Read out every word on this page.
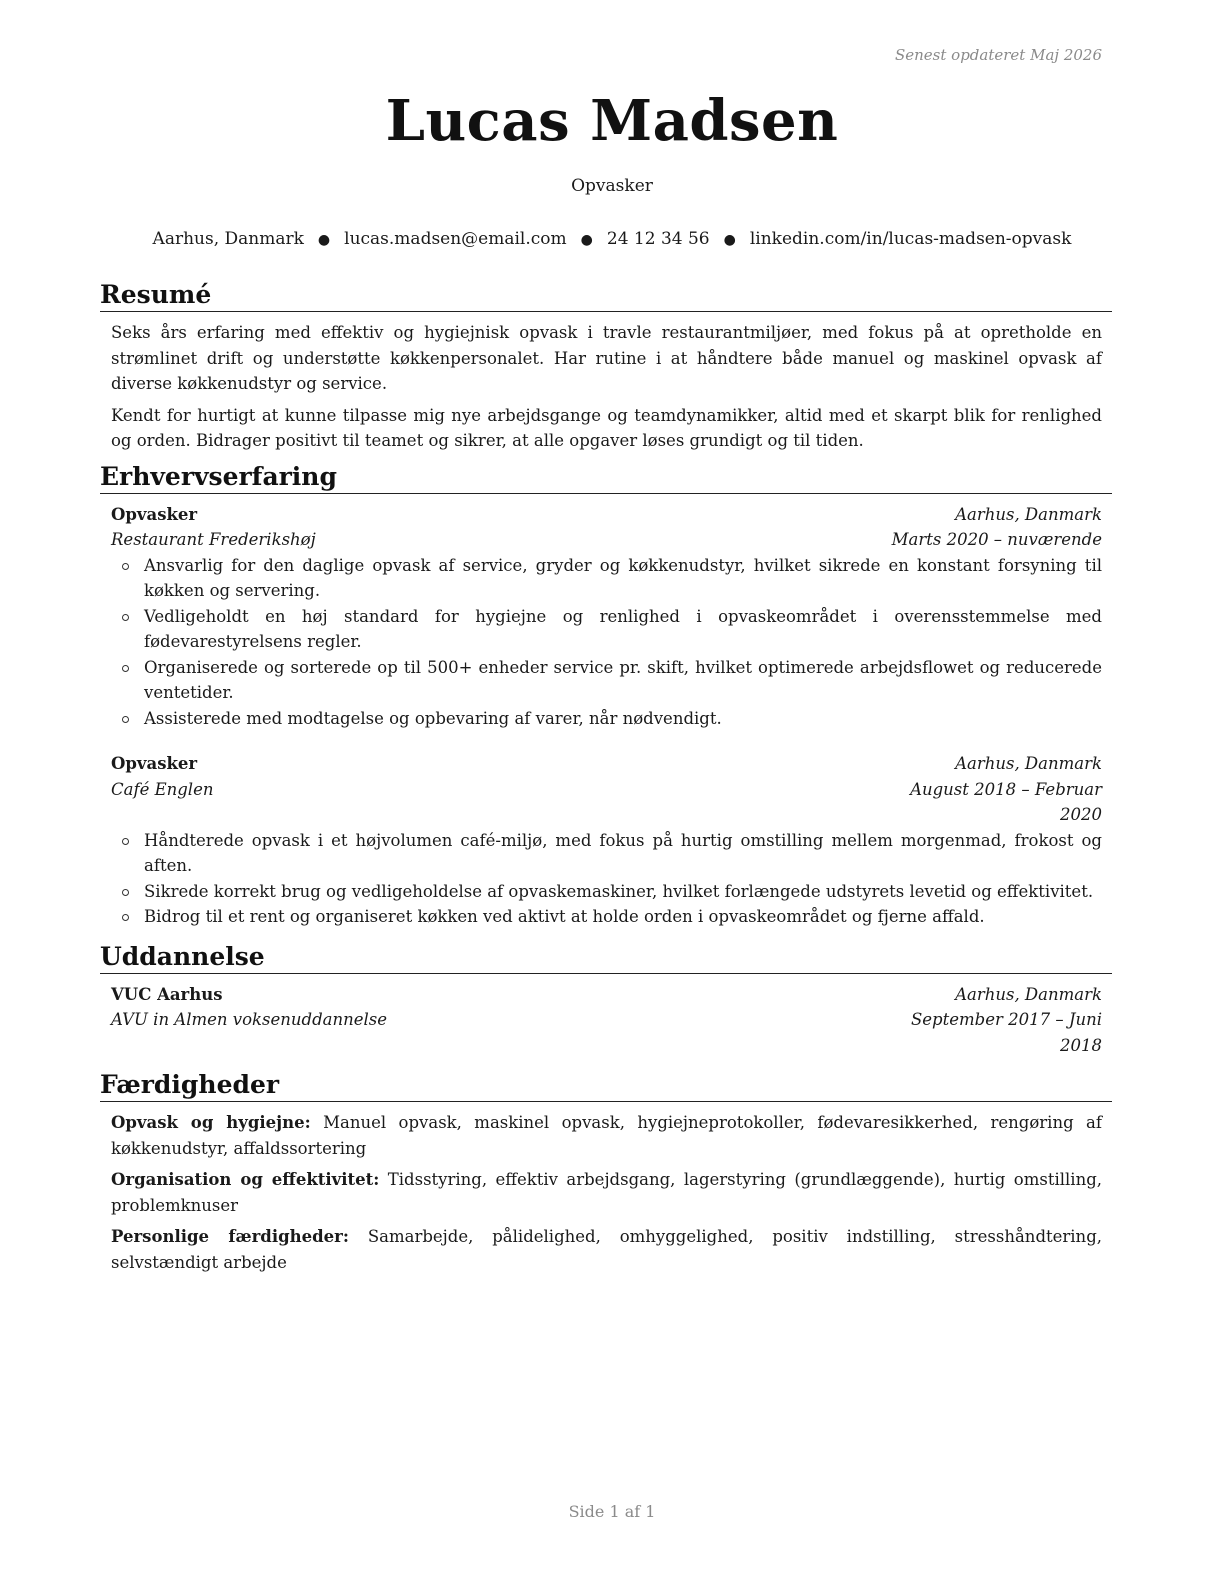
Senest opdateret Maj 2026
Lucas Madsen
Opvasker
Aarhus, Danmark ● lucas.madsen@email.com ● 24 12 34 56 ● linkedin.com/in/lucas-madsen-opvask
Resumé

Seks års erfaring med effektiv og hygiejnisk opvask i travle restaurantmiljøer, med fokus på at opretholde en strømlinet drift og understøtte køkkenpersonalet. Har rutine i at håndtere både manuel og maskinel opvask af diverse køkkenudstyr og service.

Kendt for hurtigt at kunne tilpasse mig nye arbejdsgange og teamdynamikker, altid med et skarpt blik for renlighed og orden. Bidrager positivt til teamet og sikrer, at alle opgaver løses grundigt og til tiden.

Erhvervserfaring
Opvasker	Aarhus, Danmark
Restaurant Frederikshøj	Marts 2020 – nuværende
Ansvarlig for den daglige opvask af service, gryder og køkkenudstyr, hvilket sikrede en konstant forsyning til køkken og servering.
Vedligeholdt en høj standard for hygiejne og renlighed i opvaskeområdet i overensstemmelse med fødevarestyrelsens regler.
Organiserede og sorterede op til 500+ enheder service pr. skift, hvilket optimerede arbejdsflowet og reducerede ventetider.
Assisterede med modtagelse og opbevaring af varer, når nødvendigt.
Opvasker	Aarhus, Danmark
Café Englen	August 2018 – Februar 2020
Håndterede opvask i et højvolumen café-miljø, med fokus på hurtig omstilling mellem morgenmad, frokost og aften.
Sikrede korrekt brug og vedligeholdelse af opvaskemaskiner, hvilket forlængede udstyrets levetid og effektivitet.
Bidrog til et rent og organiseret køkken ved aktivt at holde orden i opvaskeområdet og fjerne affald.
Uddannelse
VUC Aarhus	Aarhus, Danmark
AVU in Almen voksenuddannelse	September 2017 – Juni 2018
Færdigheder
Opvask og hygiejne: Manuel opvask, maskinel opvask, hygiejneprotokoller, fødevaresikkerhed, rengøring af køkkenudstyr, affaldssortering
Organisation og effektivitet: Tidsstyring, effektiv arbejdsgang, lagerstyring (grundlæggende), hurtig omstilling, problemknuser
Personlige færdigheder: Samarbejde, pålidelighed, omhyggelighed, positiv indstilling, stresshåndtering, selvstændigt arbejde
Side 1 af 1
